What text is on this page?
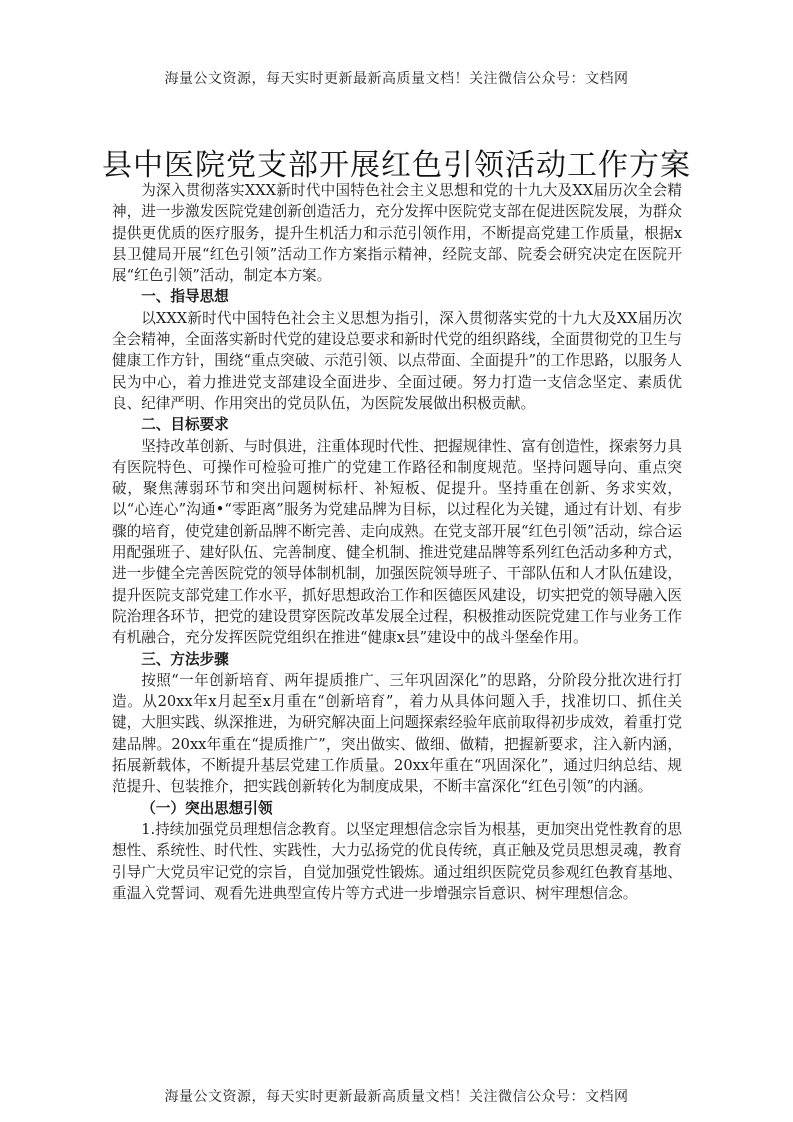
海量公文资源，每天实时更新最新高质量文档！关注微信公众号：文档网
县中医院党支部开展红色引领活动工作方案

为深入贯彻落实XXX新时代中国特色社会主义思想和党的十九大及XX届历次全会精神，进一步激发医院党建创新创造活力，充分发挥中医院党支部在促进医院发展，为群众提供更优质的医疗服务，提升生机活力和示范引领作用，不断提高党建工作质量，根据x县卫健局开展“红色引领”活动工作方案指示精神，经院支部、院委会研究决定在医院开展“红色引领”活动，制定本方案。

一、指导思想

以XXX新时代中国特色社会主义思想为指引，深入贯彻落实党的十九大及XX届历次全会精神，全面落实新时代党的建设总要求和新时代党的组织路线，全面贯彻党的卫生与健康工作方针，围绕“重点突破、示范引领、以点带面、全面提升”的工作思路，以服务人民为中心，着力推进党支部建设全面进步、全面过硬。努力打造一支信念坚定、素质优良、纪律严明、作用突出的党员队伍，为医院发展做出积极贡献。

二、目标要求

坚持改革创新、与时俱进，注重体现时代性、把握规律性、富有创造性，探索努力具有医院特色、可操作可检验可推广的党建工作路径和制度规范。坚持问题导向、重点突破，聚焦薄弱环节和突出问题树标杆、补短板、促提升。坚持重在创新、务求实效，以“心连心”沟通•“零距离”服务为党建品牌为目标，以过程化为关键，通过有计划、有步骤的培育，使党建创新品牌不断完善、走向成熟。在党支部开展“红色引领”活动，综合运用配强班子、建好队伍、完善制度、健全机制、推进党建品牌等系列红色活动多种方式，进一步健全完善医院党的领导体制机制，加强医院领导班子、干部队伍和人才队伍建设，提升医院支部党建工作水平，抓好思想政治工作和医德医风建设，切实把党的领导融入医院治理各环节，把党的建设贯穿医院改革发展全过程，积极推动医院党建工作与业务工作有机融合，充分发挥医院党组织在推进“健康x县”建设中的战斗堡垒作用。

三、方法步骤

按照“一年创新培育、两年提质推广、三年巩固深化”的思路，分阶段分批次进行打造。从20xx年x月起至x月重在“创新培育”，着力从具体问题入手，找准切口、抓住关键，大胆实践、纵深推进，为研究解决面上问题探索经验年底前取得初步成效，着重打党建品牌。20xx年重在“提质推广”，突出做实、做细、做精，把握新要求，注入新内涵，拓展新载体，不断提升基层党建工作质量。20xx年重在“巩固深化”，通过归纳总结、规范提升、包装推介，把实践创新转化为制度成果，不断丰富深化“红色引领”的内涵。

（一）突出思想引领

1.持续加强党员理想信念教育。以坚定理想信念宗旨为根基，更加突出党性教育的思想性、系统性、时代性、实践性，大力弘扬党的优良传统，真正触及党员思想灵魂，教育引导广大党员牢记党的宗旨，自觉加强党性锻炼。通过组织医院党员参观红色教育基地、重温入党誓词、观看先进典型宣传片等方式进一步增强宗旨意识、树牢理想信念。

海量公文资源，每天实时更新最新高质量文档！关注微信公众号：文档网
